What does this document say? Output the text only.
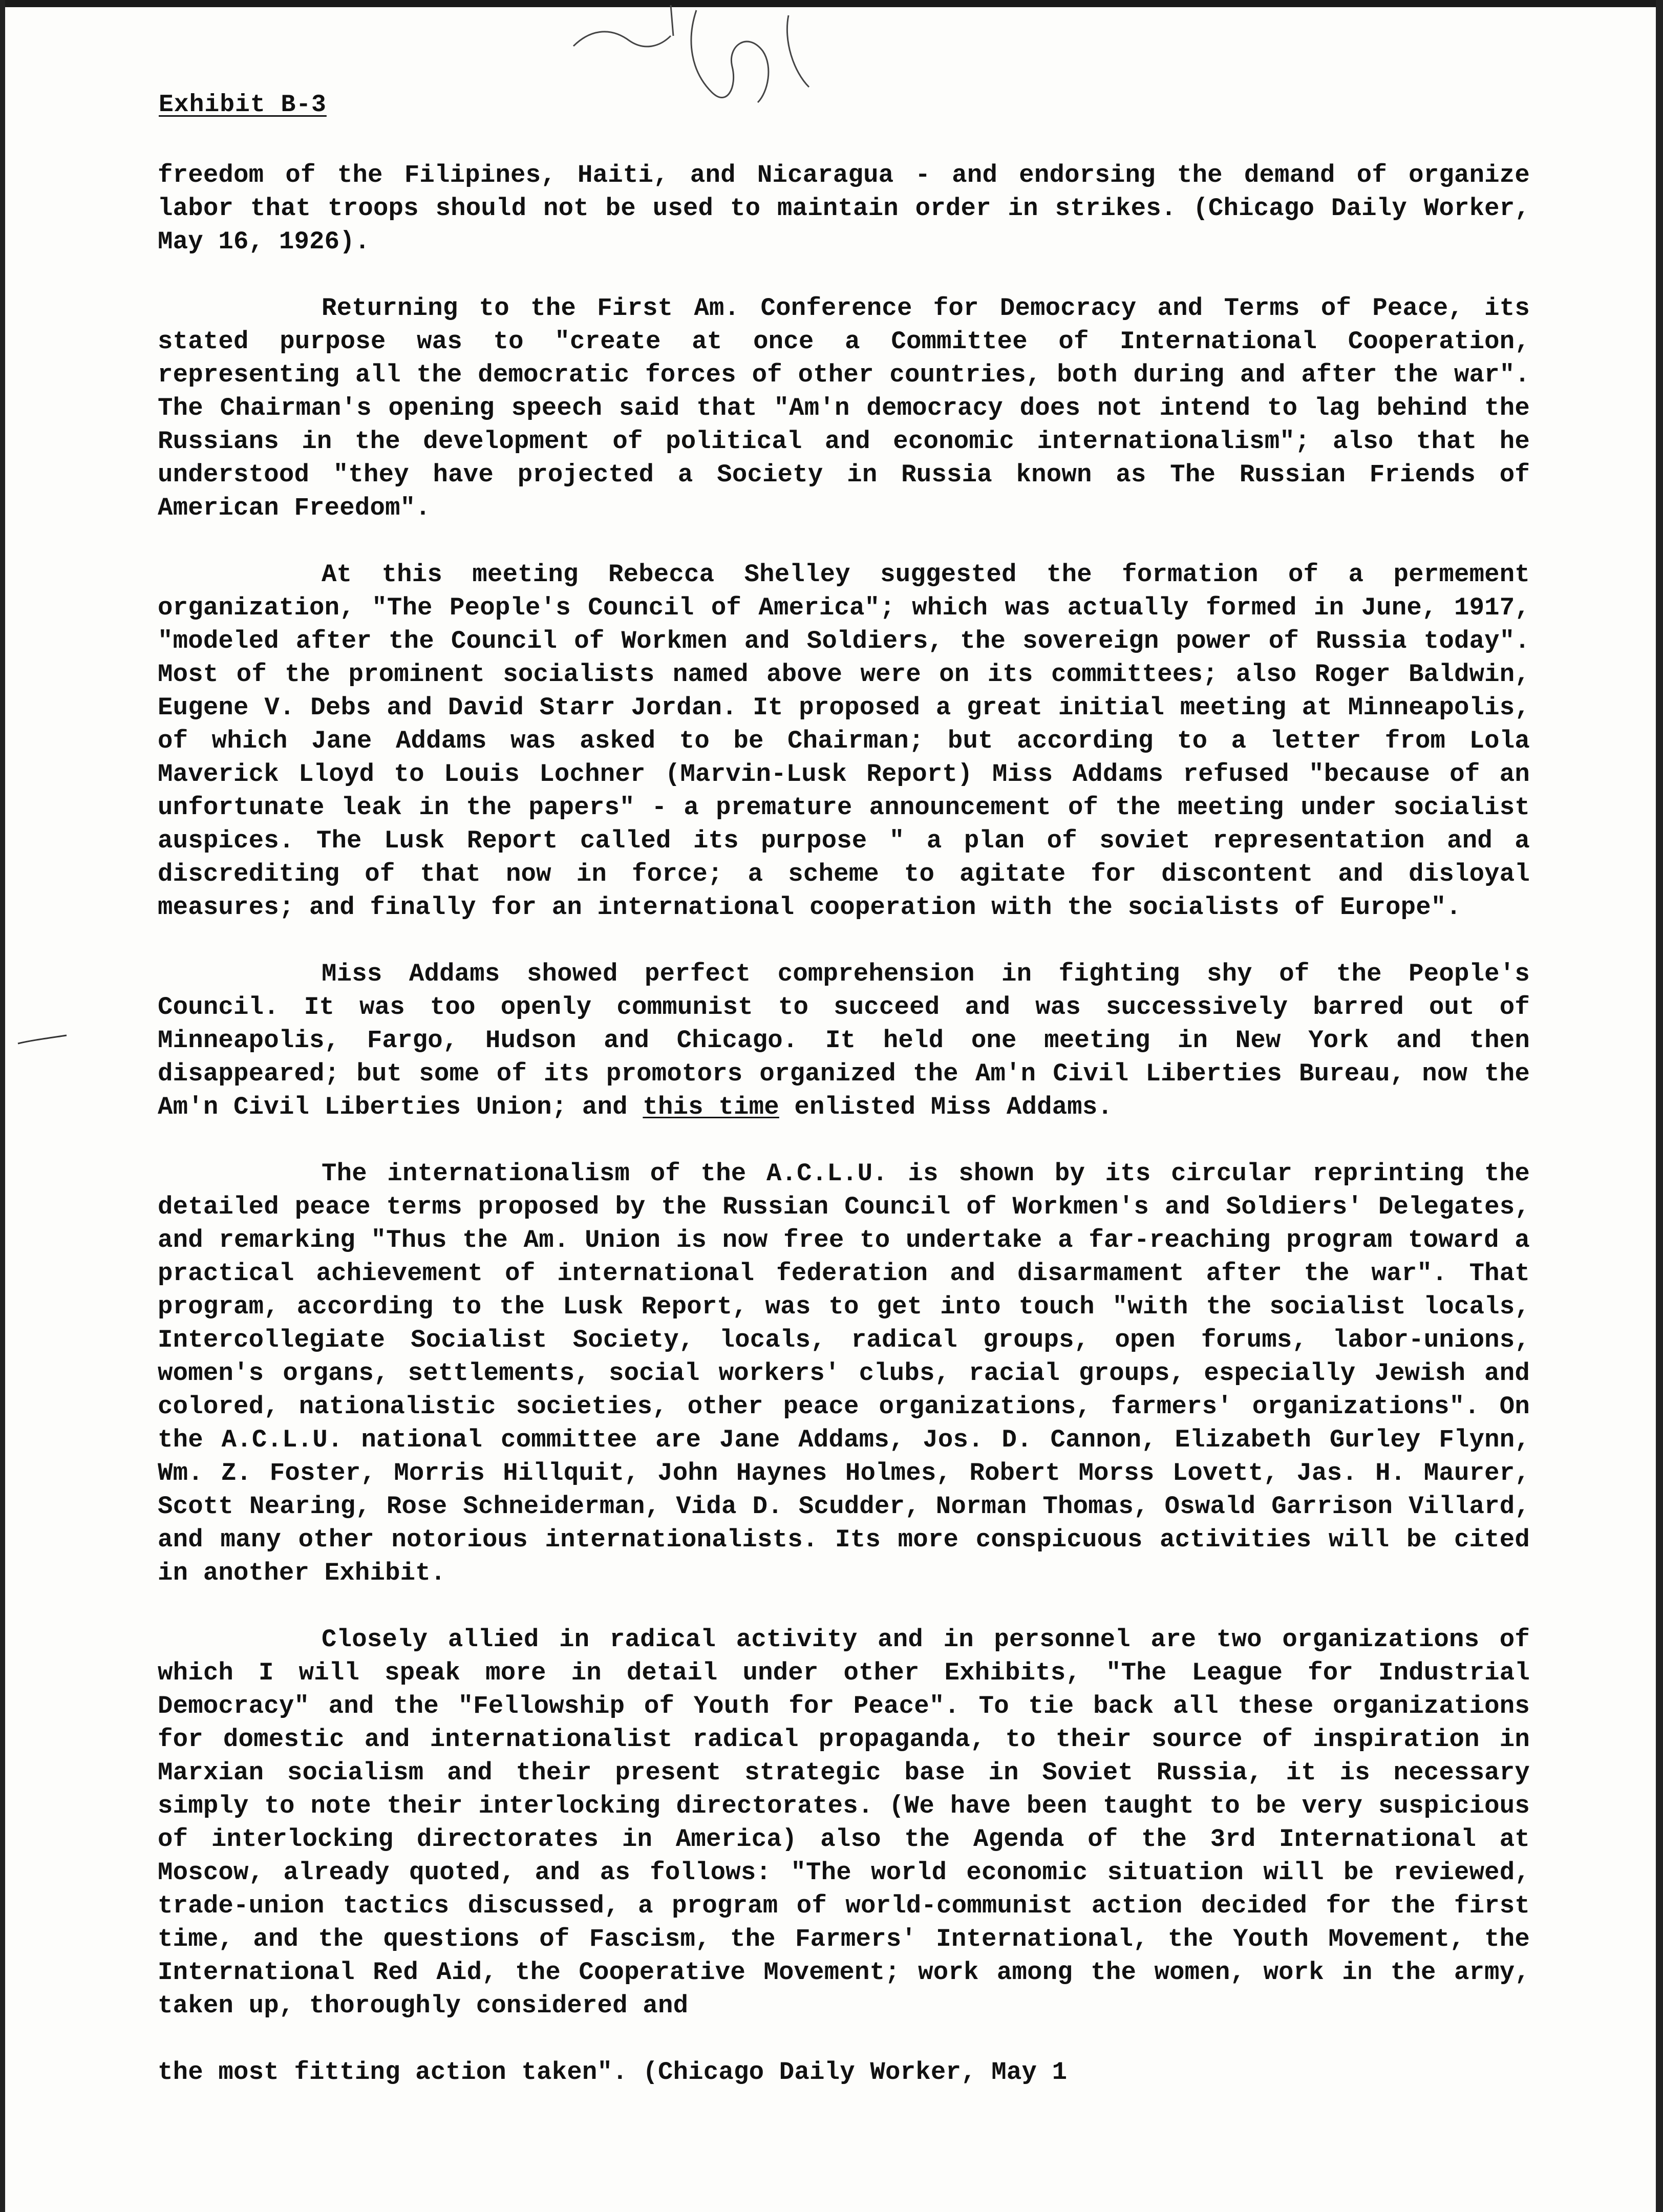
Exhibit B-3

freedom of the Filipines, Haiti, and Nicaragua - and endorsing the demand of organize labor that troops should not be used to maintain order in strikes. (Chicago Daily Worker, May 16, 1926).

Returning to the First Am. Conference for Democracy and Terms of Peace, its stated purpose was to "create at once a Committee of International Cooperation, representing all the democratic forces of other countries, both during and after the war". The Chairman's opening speech said that "Am'n democracy does not intend to lag behind the Russians in the development of political and economic internationalism"; also that he understood "they have projected a Society in Russia known as The Russian Friends of American Freedom".

At this meeting Rebecca Shelley suggested the formation of a permement organization, "The People's Council of America"; which was actually formed in June, 1917, "modeled after the Council of Workmen and Soldiers, the sovereign power of Russia today". Most of the prominent socialists named above were on its committees; also Roger Baldwin, Eugene V. Debs and David Starr Jordan. It proposed a great initial meeting at Minneapolis, of which Jane Addams was asked to be Chairman; but according to a letter from Lola Maverick Lloyd to Louis Lochner (Marvin-Lusk Report) Miss Addams refused "because of an unfortunate leak in the papers" - a premature announcement of the meeting under socialist auspices. The Lusk Report called its purpose " a plan of soviet representation and a discrediting of that now in force; a scheme to agitate for discontent and disloyal measures; and finally for an international cooperation with the socialists of Europe".

Miss Addams showed perfect comprehension in fighting shy of the People's Council. It was too openly communist to succeed and was successively barred out of Minneapolis, Fargo, Hudson and Chicago. It held one meeting in New York and then disappeared; but some of its promotors organized the Am'n Civil Liberties Bureau, now the Am'n Civil Liberties Union; and this time enlisted Miss Addams.

The internationalism of the A.C.L.U. is shown by its circular reprinting the detailed peace terms proposed by the Russian Council of Workmen's and Soldiers' Delegates, and remarking "Thus the Am. Union is now free to undertake a far-reaching program toward a practical achievement of international federation and disarmament after the war". That program, according to the Lusk Report, was to get into touch "with the socialist locals, Intercollegiate Socialist Society, locals, radical groups, open forums, labor-unions, women's organs, settlements, social workers' clubs, racial groups, especially Jewish and colored, nationalistic societies, other peace organizations, farmers' organizations". On the A.C.L.U. national committee are Jane Addams, Jos. D. Cannon, Elizabeth Gurley Flynn, Wm. Z. Foster, Morris Hillquit, John Haynes Holmes, Robert Morss Lovett, Jas. H. Maurer, Scott Nearing, Rose Schneiderman, Vida D. Scudder, Norman Thomas, Oswald Garrison Villard, and many other notorious internationalists. Its more conspicuous activities will be cited in another Exhibit.

Closely allied in radical activity and in personnel are two organizations of which I will speak more in detail under other Exhibits, "The League for Industrial Democracy" and the "Fellowship of Youth for Peace". To tie back all these organizations for domestic and internationalist radical propaganda, to their source of inspiration in Marxian socialism and their present strategic base in Soviet Russia, it is necessary simply to note their interlocking directorates. (We have been taught to be very suspicious of interlocking directorates in America) also the Agenda of the 3rd International at Moscow, already quoted, and as follows: "The world economic situation will be reviewed, trade-union tactics discussed, a program of world-communist action decided for the first time, and the questions of Fascism, the Farmers' International, the Youth Movement, the International Red Aid, the Cooperative Movement; work among the women, work in the army, taken up, thoroughly considered and

the most fitting action taken". (Chicago Daily Worker, May 1
